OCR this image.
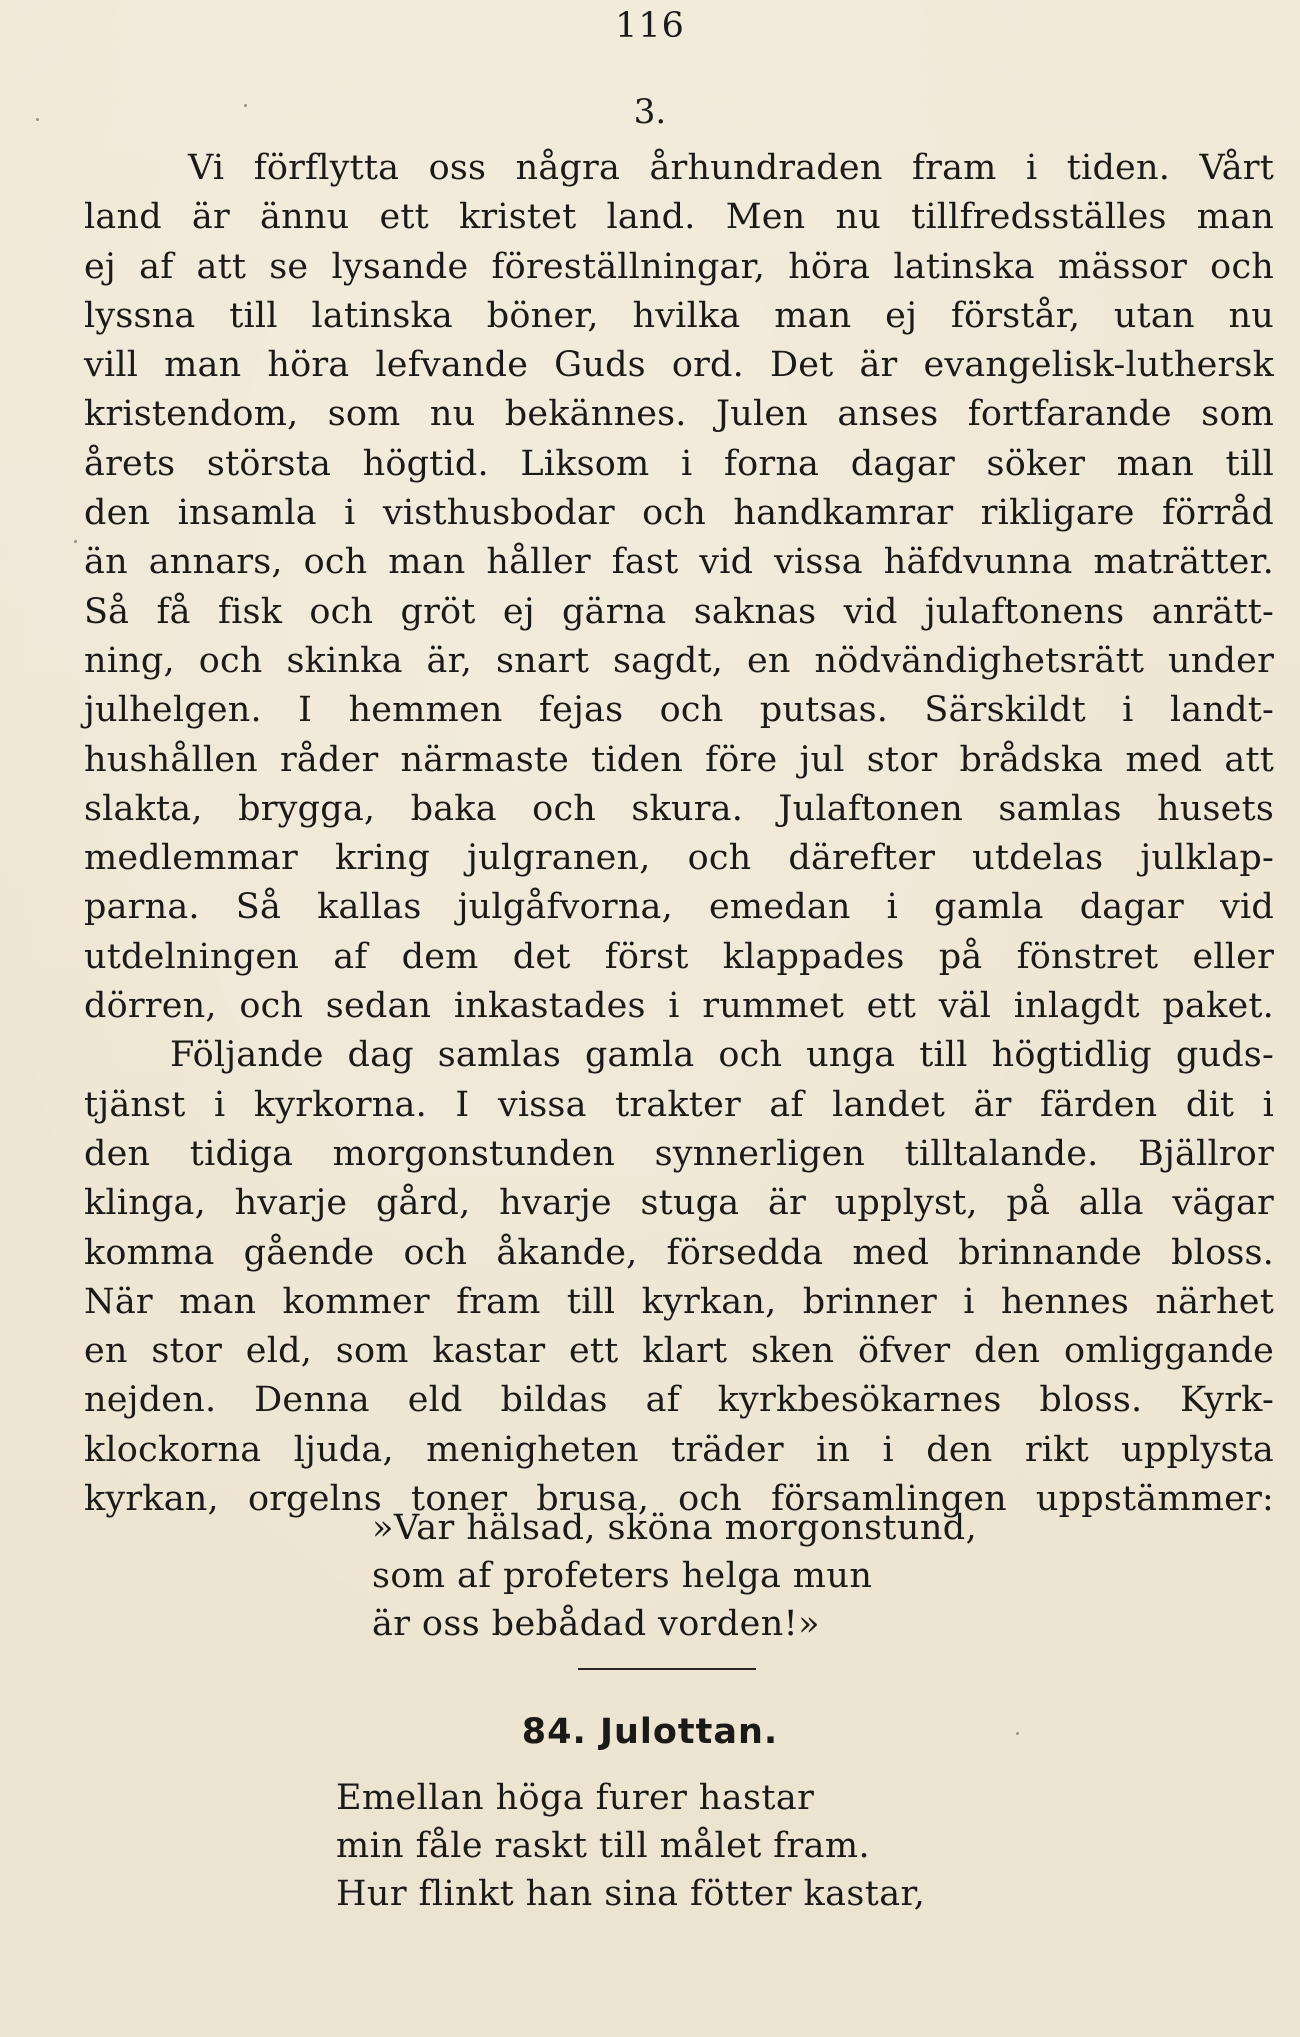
116
3.
Vi förflytta oss några århundraden fram i tiden. Vårt
land är ännu ett kristet land. Men nu tillfredsställes man
ej af att se lysande föreställningar, höra latinska mässor och
lyssna till latinska böner, hvilka man ej förstår, utan nu
vill man höra lefvande Guds ord. Det är evangelisk-luthersk
kristendom, som nu bekännes. Julen anses fortfarande som
årets största högtid. Liksom i forna dagar söker man till
den insamla i visthusbodar och handkamrar rikligare förråd
än annars, och man håller fast vid vissa häfdvunna maträtter.
Så få fisk och gröt ej gärna saknas vid julaftonens anrätt-
ning, och skinka är, snart sagdt, en nödvändighetsrätt under
julhelgen. I hemmen fejas och putsas. Särskildt i landt-
hushållen råder närmaste tiden före jul stor brådska med att
slakta, brygga, baka och skura. Julaftonen samlas husets
medlemmar kring julgranen, och därefter utdelas julklap-
parna. Så kallas julgåfvorna, emedan i gamla dagar vid
utdelningen af dem det först klappades på fönstret eller
dörren, och sedan inkastades i rummet ett väl inlagdt paket.
Följande dag samlas gamla och unga till högtidlig guds-
tjänst i kyrkorna. I vissa trakter af landet är färden dit i
den tidiga morgonstunden synnerligen tilltalande. Bjällror
klinga, hvarje gård, hvarje stuga är upplyst, på alla vägar
komma gående och åkande, försedda med brinnande bloss.
När man kommer fram till kyrkan, brinner i hennes närhet
en stor eld, som kastar ett klart sken öfver den omliggande
nejden. Denna eld bildas af kyrkbesökarnes bloss. Kyrk-
klockorna ljuda, menigheten träder in i den rikt upplysta
kyrkan, orgelns toner brusa, och församlingen uppstämmer:
»Var hälsad, sköna morgonstund,
som af profeters helga mun
är oss bebådad vorden!»
84. Julottan.
Emellan höga furer hastar
min fåle raskt till målet fram.
Hur flinkt han sina fötter kastar,
